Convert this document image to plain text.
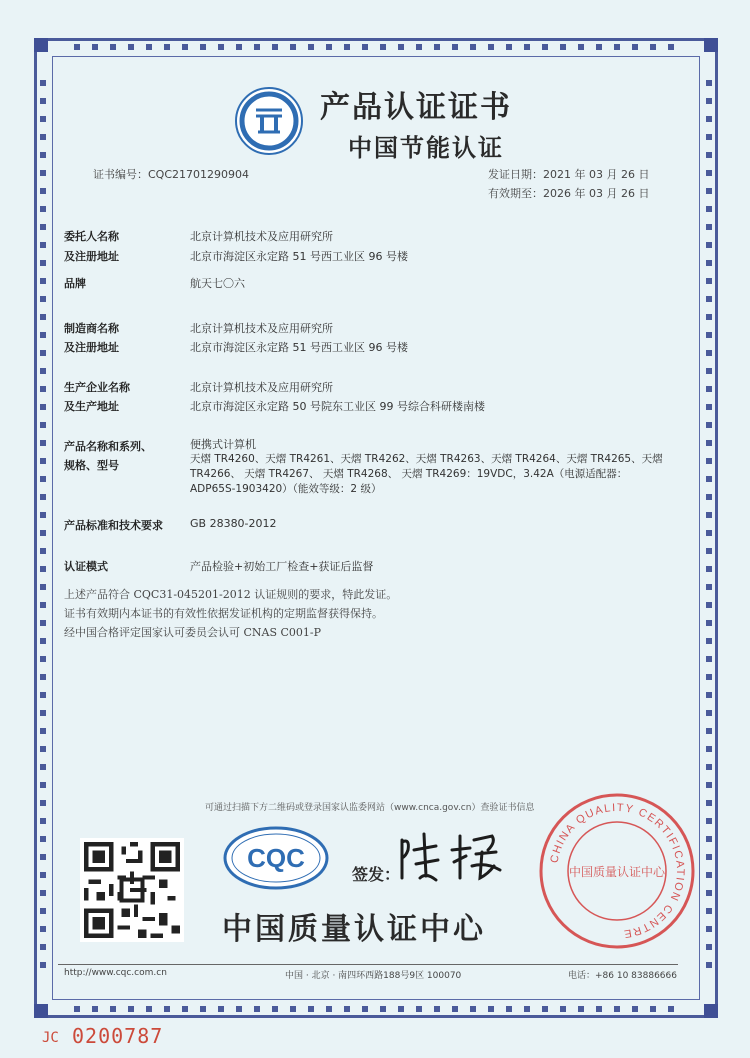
产品认证证书
中国节能认证
证书编号：CQC21701290904	发证日期：2021 年 03 月 26 日
有效期至：2026 年 03 月 26 日
委托人名称	北京计算机技术及应用研究所
及注册地址	北京市海淀区永定路 51 号西工业区 96 号楼
品牌	航天七〇六
制造商名称	北京计算机技术及应用研究所
及注册地址	北京市海淀区永定路 51 号西工业区 96 号楼
生产企业名称	北京计算机技术及应用研究所
及生产地址	北京市海淀区永定路 50 号院东工业区 99 号综合科研楼南楼
产品名称和系列、
规格、型号
便携式计算机
天熠 TR4260、天熠 TR4261、天熠 TR4262、天熠 TR4263、天熠 TR4264、天熠 TR4265、天熠
TR4266、 天熠 TR4267、 天熠 TR4268、 天熠 TR4269：19VDC，3.42A（电源适配器：
ADP65S-1903420）（能效等级：2 级）
产品标准和技术要求 GB 28380-2012
认证模式	产品检验+初始工厂检查+获证后监督
上述产品符合 CQC31-045201-2012 认证规则的要求，特此发证。
证书有效期内本证书的有效性依据发证机构的定期监督获得保持。
经中国合格评定国家认可委员会认可 CNAS C001-P
可通过扫描下方二维码或登录国家认监委网站（www.cnca.gov.cn）查验证书信息
CQC
签发：
中国质量认证中心
CHINA QUALITY CERTIFICATION CENTRE
中国质量认证中心
http://www.cqc.com.cn	中国 · 北京 · 南四环西路188号9区 100070	电话：+86 10 83886666
JC 0200787
